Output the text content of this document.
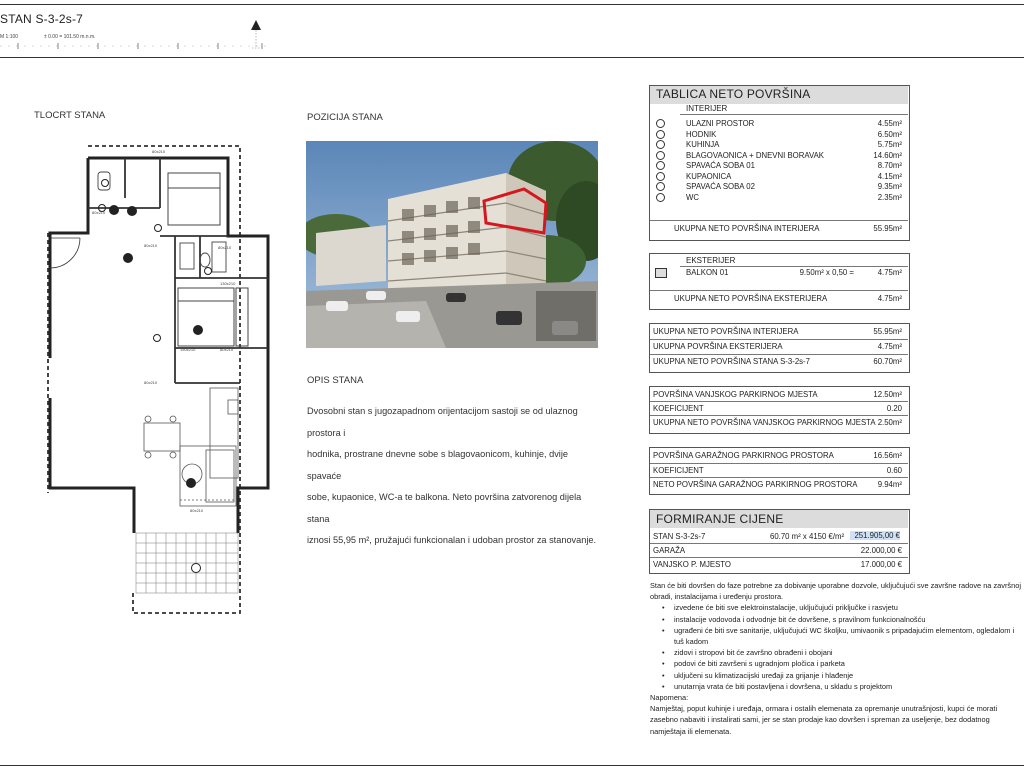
STAN S-3-2s-7
M 1:100	± 0.00 = 101.50 m.n.m.
TLOCRT STANA
80x210
80x210
150x210	80x210
80x210
130x210
80x210
80x210
80x210
POZICIJA STANA
OPIS STANA
Dvosobni stan s jugozapadnom orijentacijom sastoji se od ulaznog prostora i
hodnika, prostrane dnevne sobe s blagovaonicom, kuhinje, dvije spavaće
sobe, kupaonice, WC-a te balkona. Neto površina zatvorenog dijela stana
iznosi 55,95 m², pružajući funkcionalan i udoban prostor za stanovanje.
TABLICA NETO POVRŠINA
INTERIJER
ULAZNI PROSTOR	4.55m²
HODNIK	6.50m²
KUHINJA	5.75m²
BLAGOVAONICA + DNEVNI BORAVAK	14.60m²
SPAVAĆA SOBA 01	8.70m²
KUPAONICA	4.15m²
SPAVAĆA SOBA 02	9.35m²
WC	2.35m²
UKUPNA NETO POVRŠINA INTERIJERA	55.95m²
EKSTERIJER
BALKON 01	9.50m² x 0,50 =	4.75m²
UKUPNA NETO POVRŠINA EKSTERIJERA	4.75m²
UKUPNA NETO POVRŠINA INTERIJERA	55.95m²
UKUPNA POVRŠINA EKSTERIJERA	4.75m²
UKUPNA NETO POVRŠINA STANA S-3-2s-7	60.70m²
POVRŠINA VANJSKOG PARKIRNOG MJESTA	12.50m²
KOEFICIJENT	0.20
UKUPNA NETO POVRŠINA VANJSKOG PARKIRNOG MJESTA 2.50m²
POVRŠINA GARAŽNOG PARKIRNOG PROSTORA	16.56m²
KOEFICIJENT	0.60
NETO POVRŠINA GARAŽNOG PARKIRNOG PROSTORA	9.94m²
FORMIRANJE CIJENE
STAN S-3-2s-7	60.70 m² x 4150 €/m²	251.905,00 €
GARAŽA	22.000,00 €
VANJSKO P. MJESTO	17.000,00 €
Stan će biti dovršen do faze potrebne za dobivanje uporabne dozvole, uključujući sve završne radove na završnoj obradi, instalacijama i uređenju prostora.
• izvedene će biti sve elektroinstalacije, uključujući priključke i rasvjetu
• instalacije vodovoda i odvodnje bit će dovršene, s pravilnom funkcionalnošću
• ugrađeni će biti sve sanitarije, uključujući WC školjku, umivaonik s pripadajućim elementom, ogledalom i tuš kadom
• zidovi i stropovi bit će završno obrađeni i obojani
• podovi će biti završeni s ugradnjom pločica i parketa
• uključeni su klimatizacijski uređaji za grijanje i hlađenje
• unutarnja vrata će biti postavljena i dovršena, u skladu s projektom
Napomena:
Namještaj, poput kuhinje i uređaja, ormara i ostalih elemenata za opremanje unutrašnjosti, kupci će morati zasebno nabaviti i instalirati sami, jer se stan prodaje kao dovršen i spreman za useljenje, bez dodatnog namještaja ili elemenata.
